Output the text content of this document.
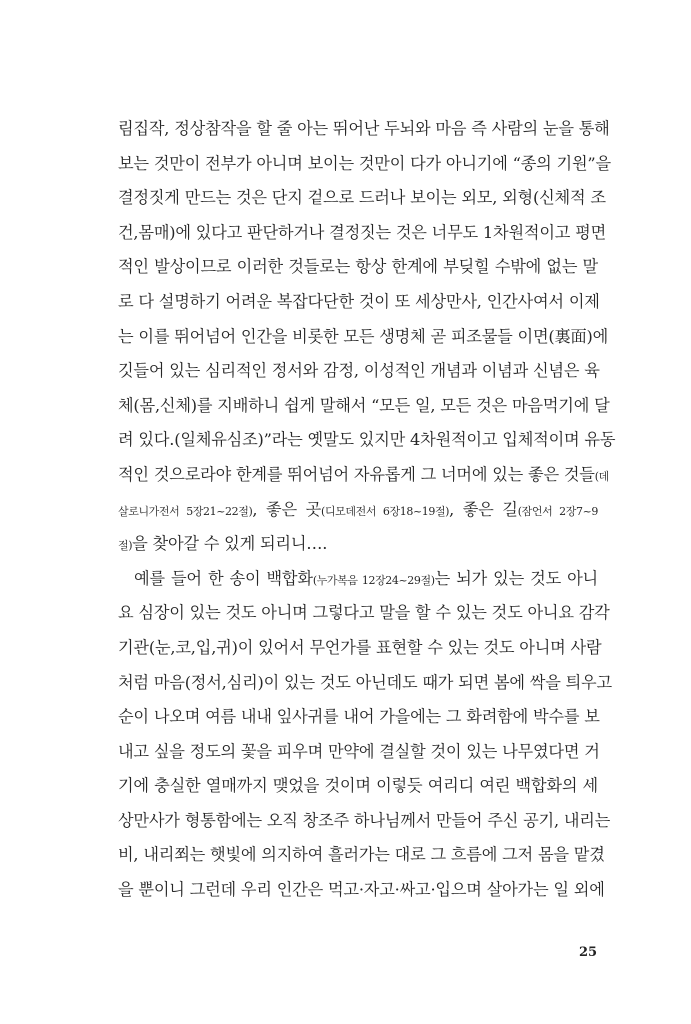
림집작, 정상참작을 할 줄 아는 뛰어난 두뇌와 마음 즉 사람의 눈을 통해
보는 것만이 전부가 아니며 보이는 것만이 다가 아니기에 “종의 기원”을
결정짓게 만드는 것은 단지 겉으로 드러나 보이는 외모, 외형(신체적 조
건,몸매)에 있다고 판단하거나 결정짓는 것은 너무도 1차원적이고 평면
적인 발상이므로 이러한 것들로는 항상 한계에 부딪힐 수밖에 없는 말
로 다 설명하기 어려운 복잡다단한 것이 또 세상만사, 인간사여서 이제
는 이를 뛰어넘어 인간을 비롯한 모든 생명체 곧 피조물들 이면(裏面)에
깃들어 있는 심리적인 정서와 감정, 이성적인 개념과 이념과 신념은 육
체(몸,신체)를 지배하니 쉽게 말해서 “모든 일, 모든 것은 마음먹기에 달
려 있다.(일체유심조)”라는 옛말도 있지만 4차원적이고 입체적이며 유동
적인 것으로라야 한계를 뛰어넘어 자유롭게 그 너머에 있는 좋은 것들(데
살로니가전서 5장21~22절), 좋은 곳(디모데전서 6장18~19절), 좋은 길(잠언서 2장7~9
절)을 찾아갈 수 있게 되리니….
예를 들어 한 송이 백합화(누가복음 12장24~29절)는 뇌가 있는 것도 아니
요 심장이 있는 것도 아니며 그렇다고 말을 할 수 있는 것도 아니요 감각
기관(눈,코,입,귀)이 있어서 무언가를 표현할 수 있는 것도 아니며 사람
처럼 마음(정서,심리)이 있는 것도 아닌데도 때가 되면 봄에 싹을 틔우고
순이 나오며 여름 내내 잎사귀를 내어 가을에는 그 화려함에 박수를 보
내고 싶을 정도의 꽃을 피우며 만약에 결실할 것이 있는 나무였다면 거
기에 충실한 열매까지 맺었을 것이며 이렇듯 여리디 여린 백합화의 세
상만사가 형통함에는 오직 창조주 하나님께서 만들어 주신 공기, 내리는
비, 내리쬐는 햇빛에 의지하여 흘러가는 대로 그 흐름에 그저 몸을 맡겼
을 뿐이니 그런데 우리 인간은 먹고·자고·싸고·입으며 살아가는 일 외에
25
